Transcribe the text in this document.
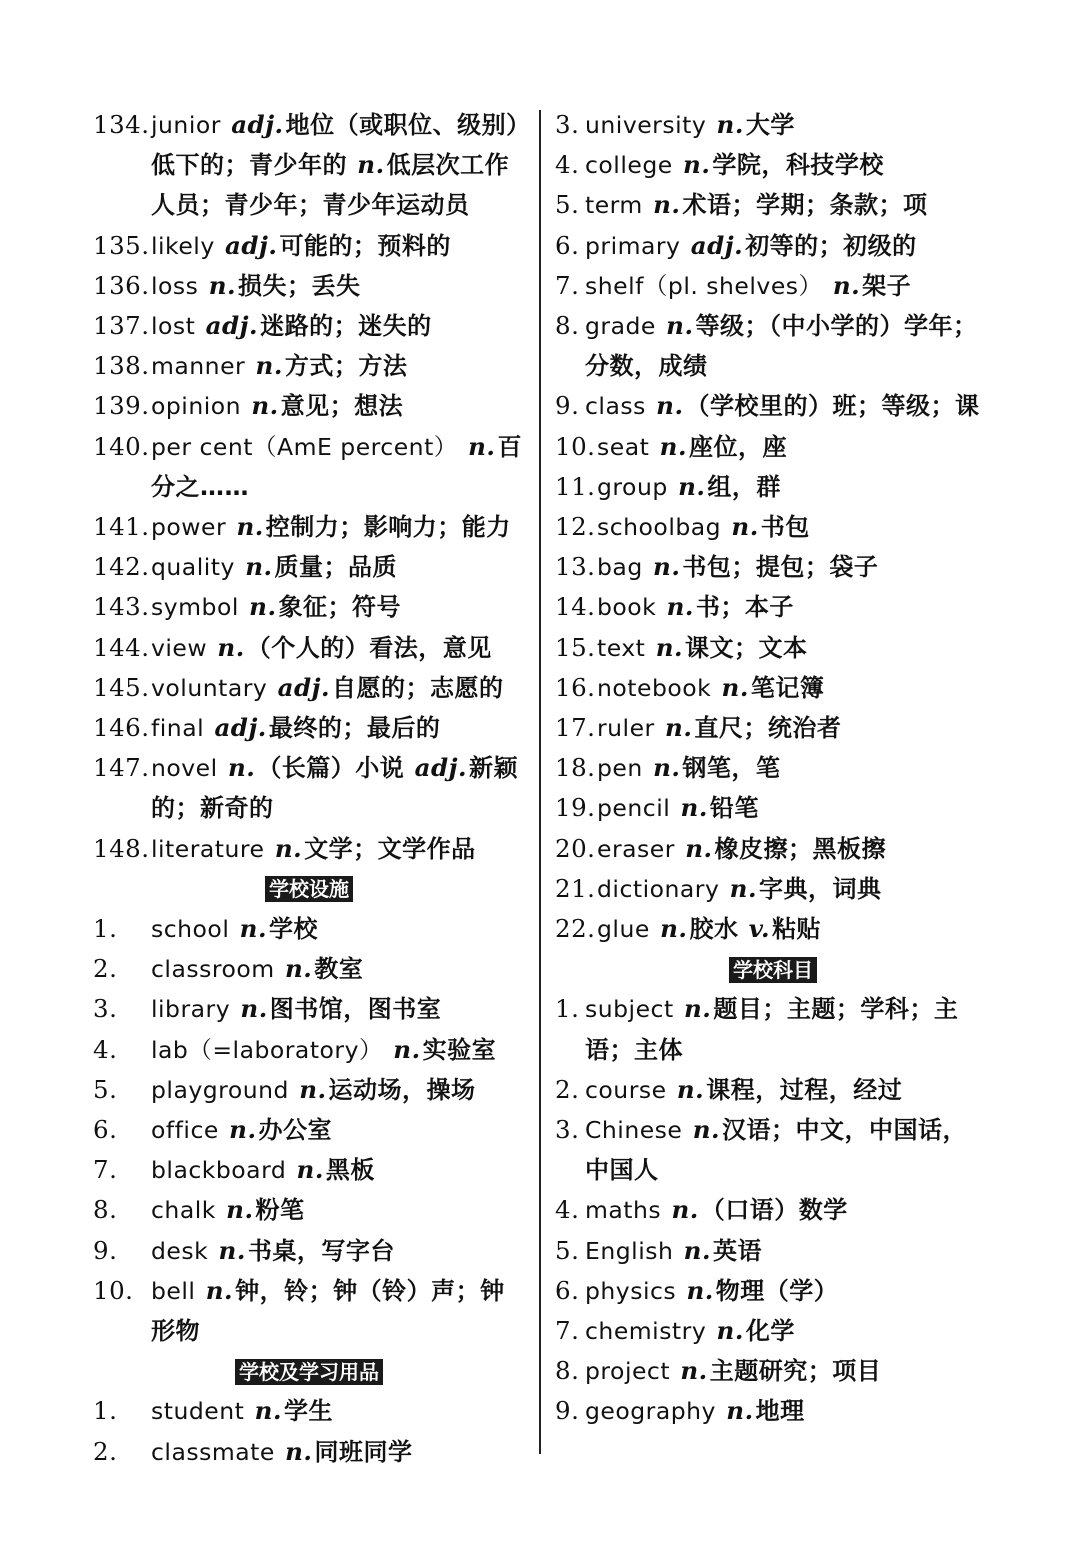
134. junior adj.地位（或职位、级别）低下的；青少年的 n.低层次工作人员；青少年；青少年运动员
135. likely adj.可能的；预料的
136. loss n.损失；丢失
137. lost adj.迷路的；迷失的
138. manner n.方式；方法
139. opinion n.意见；想法
140. per cent（AmE percent） n.百分之……
141. power n.控制力；影响力；能力
142. quality n.质量；品质
143. symbol n.象征；符号
144. view n.（个人的）看法，意见
145. voluntary adj.自愿的；志愿的
146. final adj.最终的；最后的
147. novel n.（长篇）小说 adj.新颖的；新奇的
148. literature n.文学；文学作品
学校设施
1. school n.学校
2. classroom n.教室
3. library n.图书馆，图书室
4. lab（=laboratory） n.实验室
5. playground n.运动场，操场
6. office n.办公室
7. blackboard n.黑板
8. chalk n.粉笔
9. desk n.书桌，写字台
10. bell n.钟，铃；钟（铃）声；钟形物
学校及学习用品
1. student n.学生
2. classmate n.同班同学
3. university n.大学
4. college n.学院，科技学校
5. term n.术语；学期；条款；项
6. primary adj.初等的；初级的
7. shelf（pl. shelves） n.架子
8. grade n.等级；（中小学的）学年；分数，成绩
9. class n.（学校里的）班；等级；课
10. seat n.座位，座
11. group n.组，群
12. schoolbag n.书包
13. bag n.书包；提包；袋子
14. book n.书；本子
15. text n.课文；文本
16. notebook n.笔记簿
17. ruler n.直尺；统治者
18. pen n.钢笔，笔
19. pencil n.铅笔
20. eraser n.橡皮擦；黑板擦
21. dictionary n.字典，词典
22. glue n.胶水 v.粘贴
学校科目
1. subject n.题目；主题；学科；主语；主体
2. course n.课程，过程，经过
3. Chinese n.汉语；中文，中国话，中国人
4. maths n.（口语）数学
5. English n.英语
6. physics n.物理（学）
7. chemistry n.化学
8. project n.主题研究；项目
9. geography n.地理
